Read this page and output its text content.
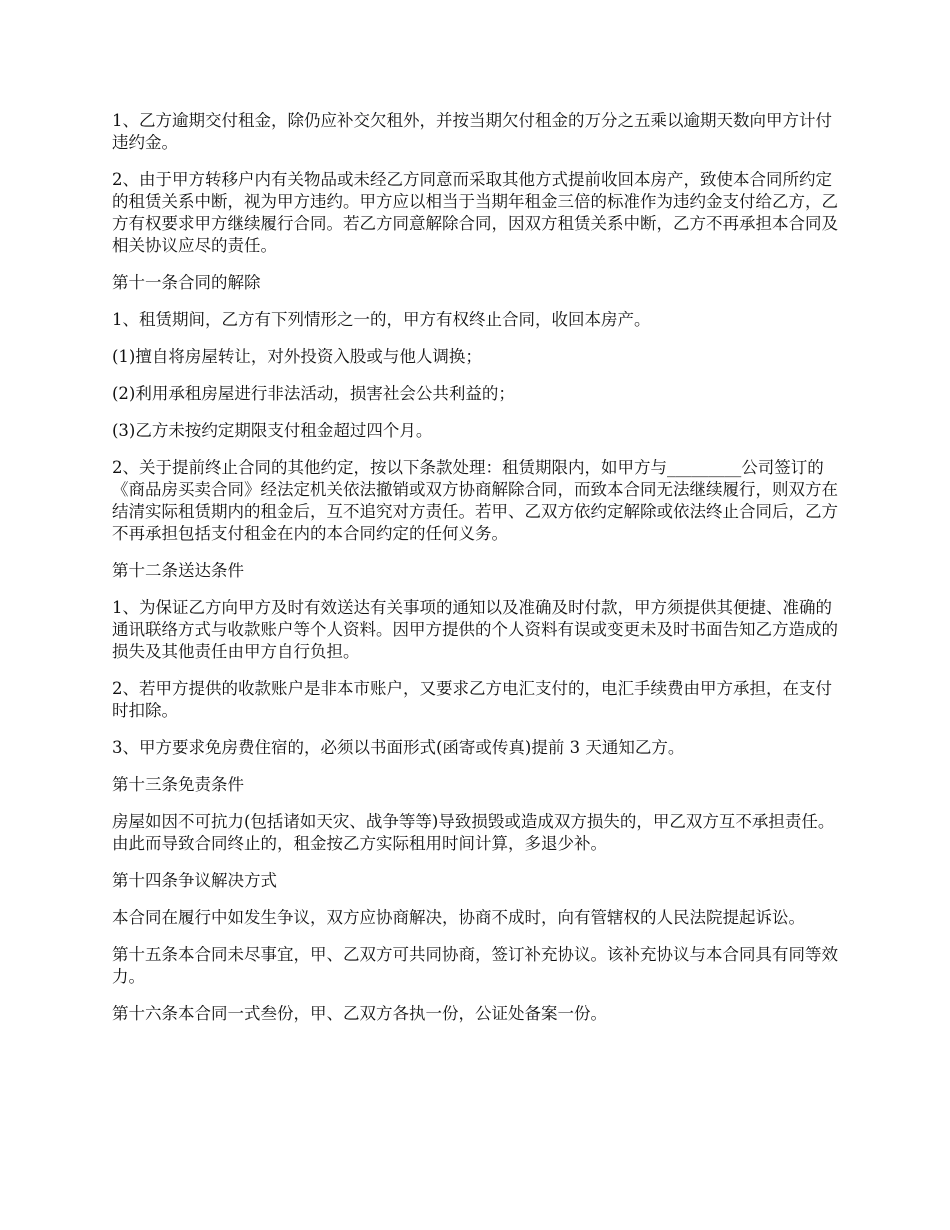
1、乙方逾期交付租金，除仍应补交欠租外，并按当期欠付租金的万分之五乘以逾期天数向甲方计付违约金。

2、由于甲方转移户内有关物品或未经乙方同意而采取其他方式提前收回本房产，致使本合同所约定的租赁关系中断，视为甲方违约。甲方应以相当于当期年租金三倍的标准作为违约金支付给乙方，乙方有权要求甲方继续履行合同。若乙方同意解除合同，因双方租赁关系中断，乙方不再承担本合同及相关协议应尽的责任。

第十一条合同的解除

1、租赁期间，乙方有下列情形之一的，甲方有权终止合同，收回本房产。

(1)擅自将房屋转让，对外投资入股或与他人调换；

(2)利用承租房屋进行非法活动，损害社会公共利益的；

(3)乙方未按约定期限支付租金超过四个月。

2、关于提前终止合同的其他约定，按以下条款处理：租赁期限内，如甲方与_________公司签订的《商品房买卖合同》经法定机关依法撤销或双方协商解除合同，而致本合同无法继续履行，则双方在结清实际租赁期内的租金后，互不追究对方责任。若甲、乙双方依约定解除或依法终止合同后，乙方不再承担包括支付租金在内的本合同约定的任何义务。

第十二条送达条件

1、为保证乙方向甲方及时有效送达有关事项的通知以及准确及时付款，甲方须提供其便捷、准确的通讯联络方式与收款账户等个人资料。因甲方提供的个人资料有误或变更未及时书面告知乙方造成的损失及其他责任由甲方自行负担。

2、若甲方提供的收款账户是非本市账户，又要求乙方电汇支付的，电汇手续费由甲方承担，在支付时扣除。

3、甲方要求免房费住宿的，必须以书面形式(函寄或传真)提前 3 天通知乙方。

第十三条免责条件

房屋如因不可抗力(包括诸如天灾、战争等等)导致损毁或造成双方损失的，甲乙双方互不承担责任。由此而导致合同终止的，租金按乙方实际租用时间计算，多退少补。

第十四条争议解决方式

本合同在履行中如发生争议，双方应协商解决，协商不成时，向有管辖权的人民法院提起诉讼。

第十五条本合同未尽事宜，甲、乙双方可共同协商，签订补充协议。该补充协议与本合同具有同等效力。

第十六条本合同一式叁份，甲、乙双方各执一份，公证处备案一份。
